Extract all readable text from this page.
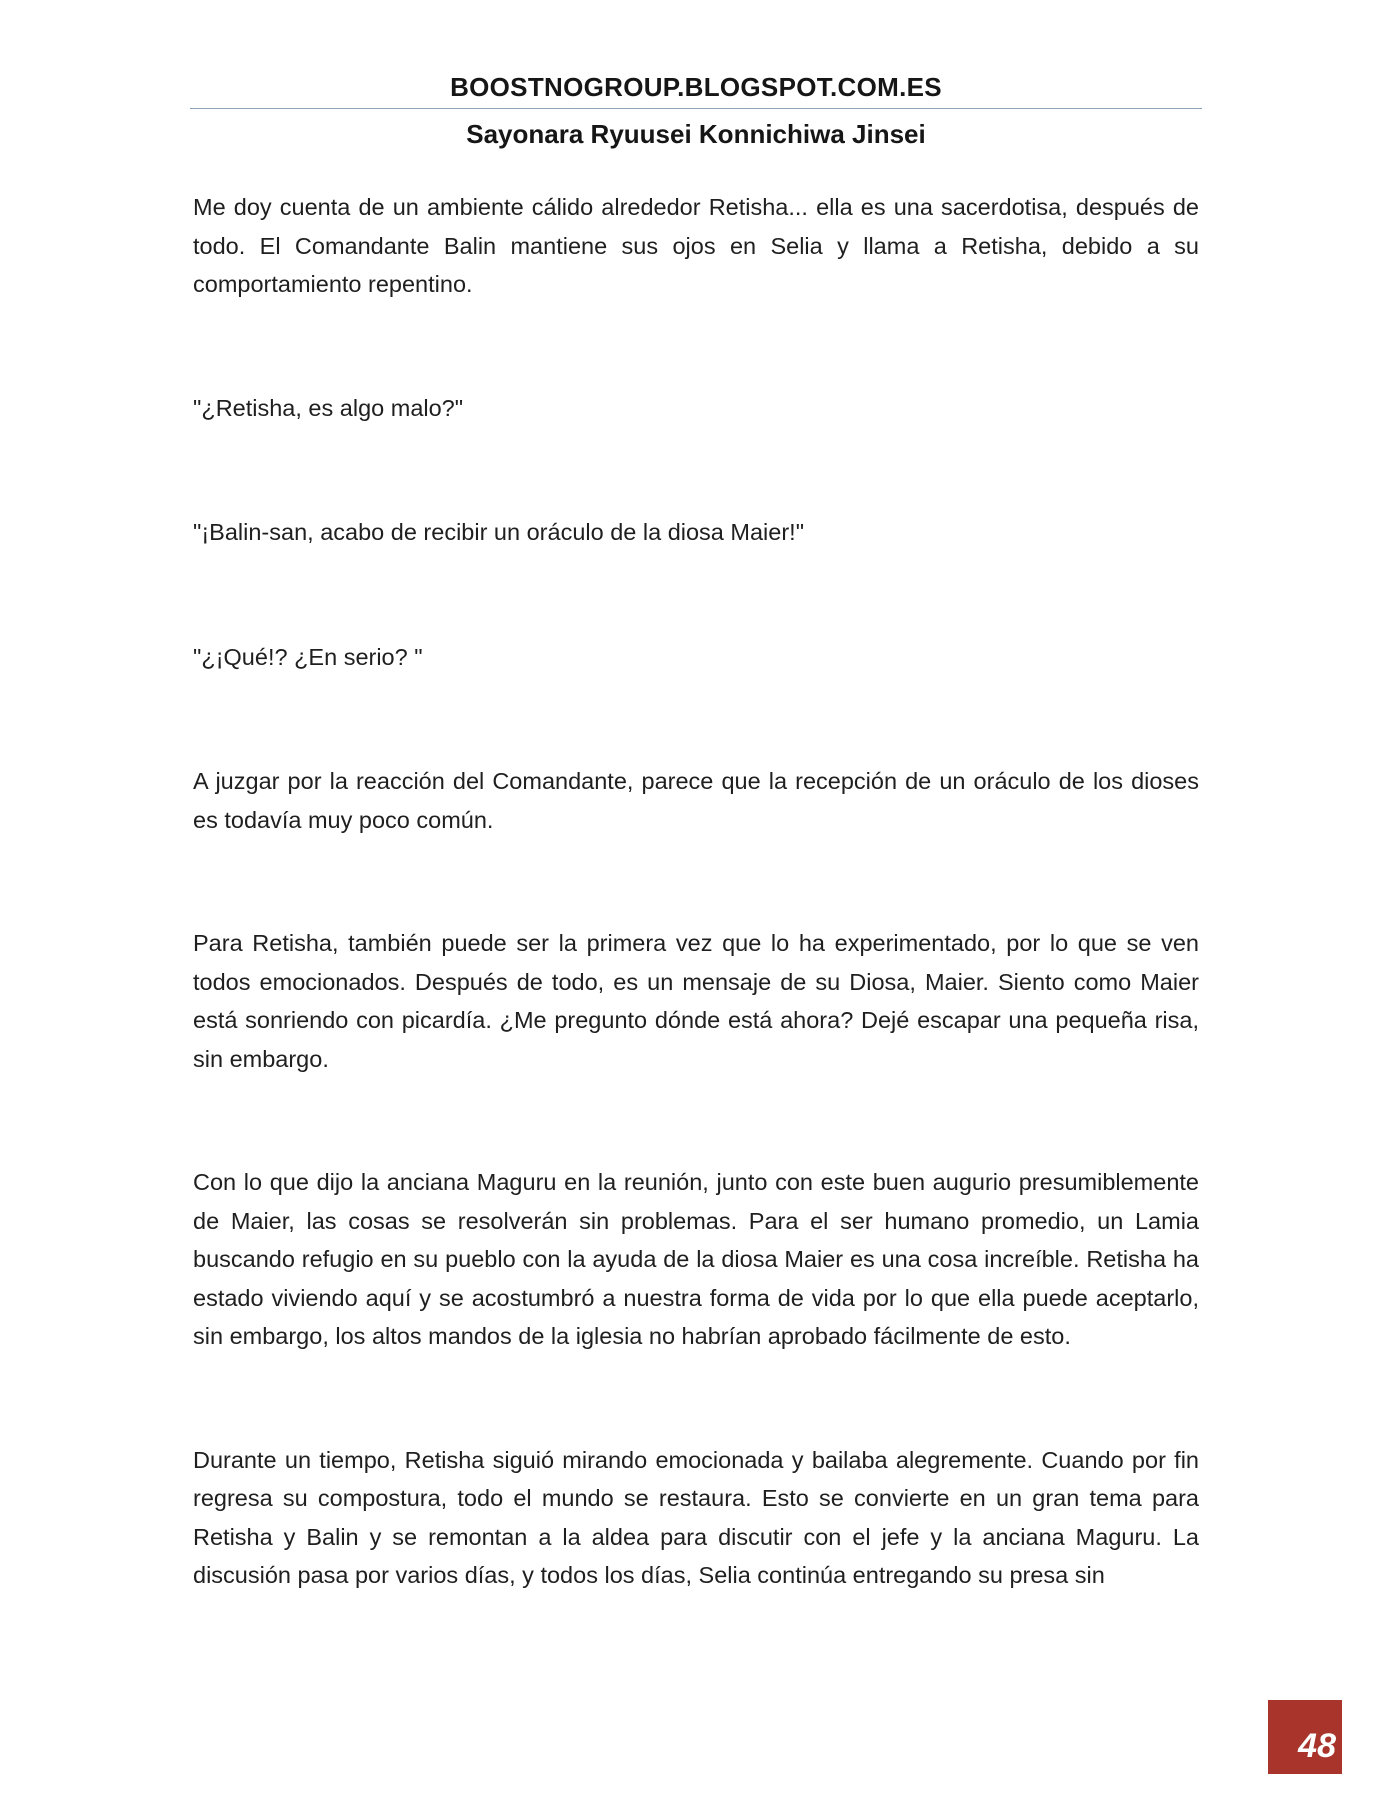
BOOSTNOGROUP.BLOGSPOT.COM.ES
Sayonara Ryuusei Konnichiwa Jinsei

Me doy cuenta de un ambiente cálido alrededor Retisha... ella es una sacerdotisa, después de todo. El Comandante Balin mantiene sus ojos en Selia y llama a Retisha, debido a su comportamiento repentino.

"¿Retisha, es algo malo?"

"¡Balin-san, acabo de recibir un oráculo de la diosa Maier!"

"¿¡Qué!? ¿En serio? "

A juzgar por la reacción del Comandante, parece que la recepción de un oráculo de los dioses es todavía muy poco común.

Para Retisha, también puede ser la primera vez que lo ha experimentado, por lo que se ven todos emocionados. Después de todo, es un mensaje de su Diosa, Maier. Siento como Maier está sonriendo con picardía. ¿Me pregunto dónde está ahora? Dejé escapar una pequeña risa, sin embargo.

Con lo que dijo la anciana Maguru en la reunión, junto con este buen augurio presumiblemente de Maier, las cosas se resolverán sin problemas. Para el ser humano promedio, un Lamia buscando refugio en su pueblo con la ayuda de la diosa Maier es una cosa increíble. Retisha ha estado viviendo aquí y se acostumbró a nuestra forma de vida por lo que ella puede aceptarlo, sin embargo, los altos mandos de la iglesia no habrían aprobado fácilmente de esto.

Durante un tiempo, Retisha siguió mirando emocionada y bailaba alegremente. Cuando por fin regresa su compostura, todo el mundo se restaura. Esto se convierte en un gran tema para Retisha y Balin y se remontan a la aldea para discutir con el jefe y la anciana Maguru. La discusión pasa por varios días, y todos los días, Selia continúa entregando su presa sin

48
